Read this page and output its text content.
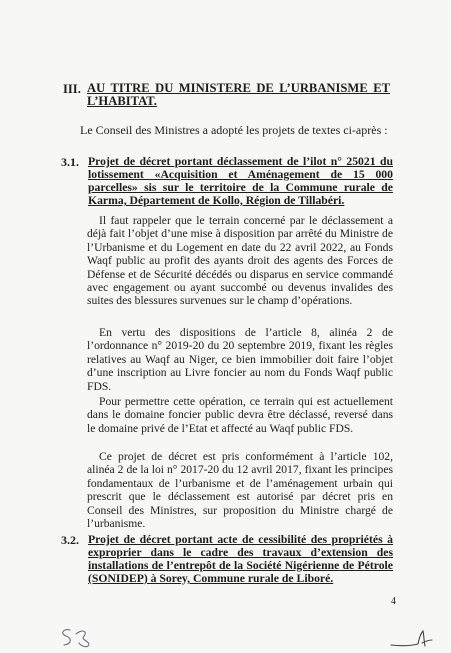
III. AU TITRE DU MINISTERE DE L’URBANISME ET L’HABITAT.
Le Conseil des Ministres a adopté les projets de textes ci-après :
3.1. Projet de décret portant déclassement de l’ilot n° 25021 du lotissement «Acquisition et Aménagement de 15 000 parcelles» sis sur le territoire de la Commune rurale de Karma, Département de Kollo, Région de Tillabéri.

Il faut rappeler que le terrain concerné par le déclassement a déjà fait l’objet d’une mise à disposition par arrêté du Ministre de l’Urbanisme et du Logement en date du 22 avril 2022, au Fonds Waqf public au profit des ayants droit des agents des Forces de Défense et de Sécurité décédés ou disparus en service commandé avec engagement ou ayant succombé ou devenus invalides des suites des blessures survenues sur le champ d’opérations.

En vertu des dispositions de l’article 8, alinéa 2 de l’ordonnance n° 2019-20 du 20 septembre 2019, fixant les règles relatives au Waqf au Niger, ce bien immobilier doit faire l’objet d’une inscription au Livre foncier au nom du Fonds Waqf public FDS.

Pour permettre cette opération, ce terrain qui est actuellement dans le domaine foncier public devra être déclassé, reversé dans le domaine privé de l’Etat et affecté au Waqf public FDS.

Ce projet de décret est pris conformément à l’article 102, alinéa 2 de la loi n° 2017-20 du 12 avril 2017, fixant les principes fondamentaux de l’urbanisme et de l’aménagement urbain qui prescrit que le déclassement est autorisé par décret pris en Conseil des Ministres, sur proposition du Ministre chargé de l’urbanisme.

3.2. Projet de décret portant acte de cessibilité des propriétés à exproprier dans le cadre des travaux d’extension des installations de l’entrepôt de la Société Nigérienne de Pétrole (SONIDEP) à Sorey, Commune rurale de Liboré.
4
